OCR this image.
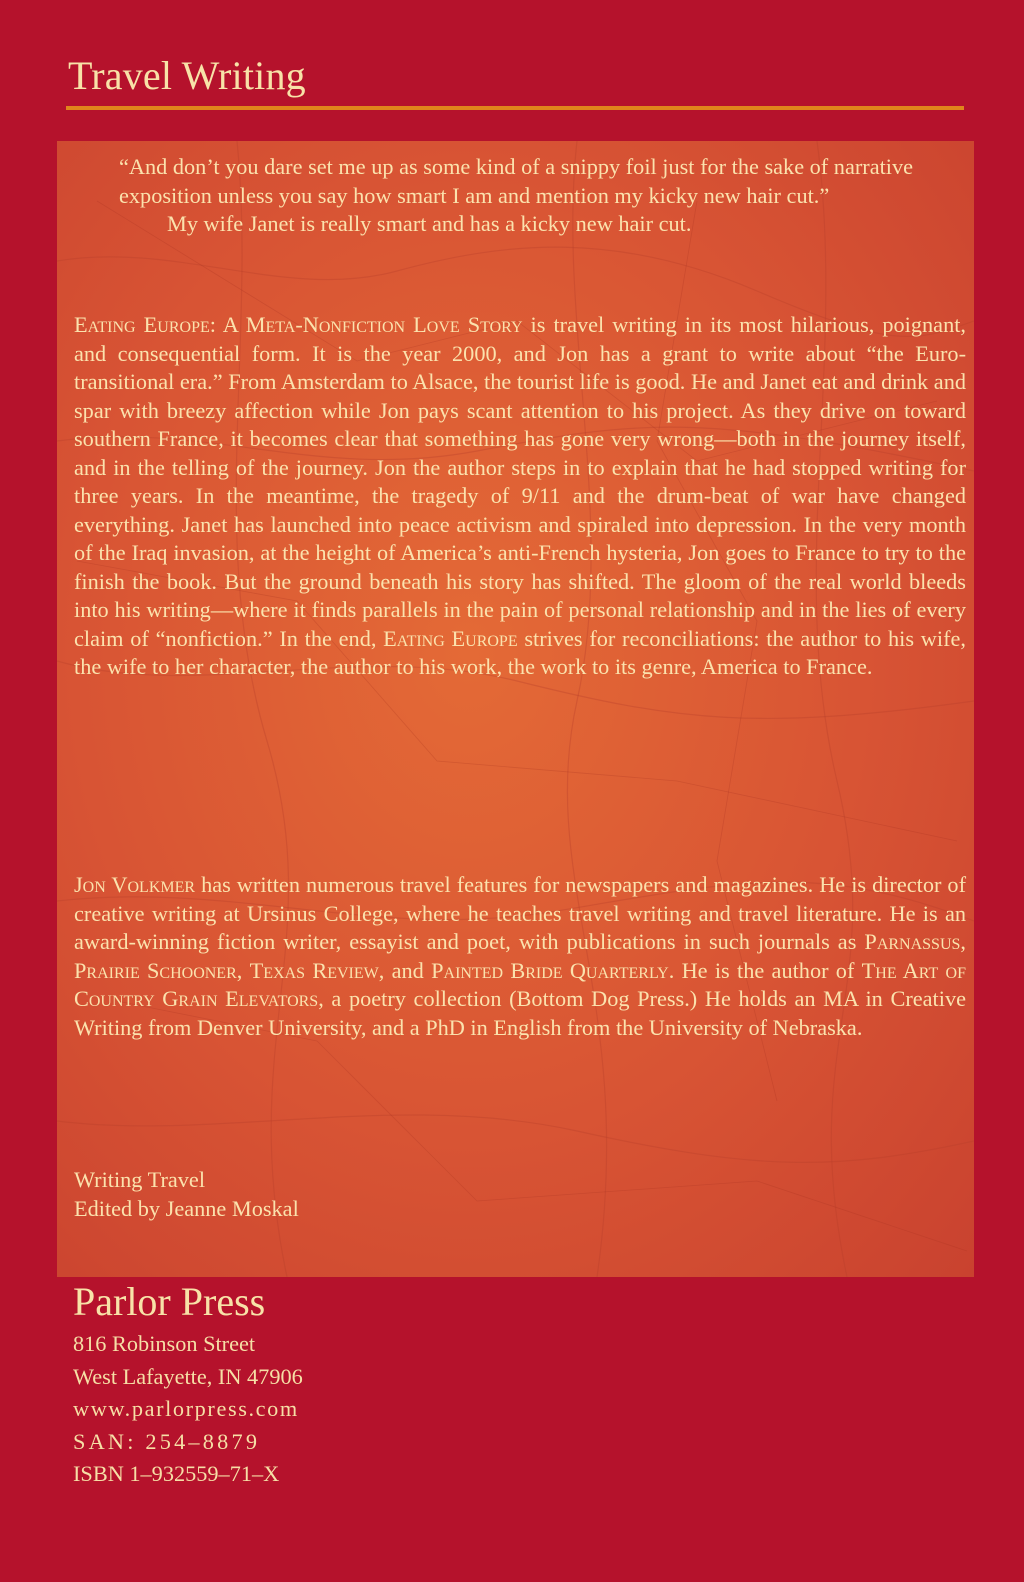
Travel Writing

“And don’t you dare set me up as some kind of a snippy foil just for the sake of narrative exposition unless you say how smart I am and mention my kicky new hair cut.”

My wife Janet is really smart and has a kicky new hair cut.

Eating Europe: A Meta-Nonfiction Love Story is travel writing in its most hilarious, poignant, and consequential form. It is the year 2000, and Jon has a grant to write about “the Euro-transitional era.” From Amsterdam to Alsace, the tourist life is good. He and Janet eat and drink and spar with breezy affection while Jon pays scant attention to his project. As they drive on toward southern France, it becomes clear that something has gone very wrong—both in the journey itself, and in the telling of the journey. Jon the author steps in to explain that he had stopped writing for three years. In the meantime, the tragedy of 9/11 and the drum-beat of war have changed everything. Janet has launched into peace activism and spiraled into depression. In the very month of the Iraq invasion, at the height of America’s anti-French hysteria, Jon goes to France to try to the finish the book. But the ground beneath his story has shifted. The gloom of the real world bleeds into his writing—where it finds parallels in the pain of personal relationship and in the lies of every claim of “nonfiction.” In the end, Eating Europe strives for reconciliations: the author to his wife, the wife to her character, the author to his work, the work to its genre, America to France.
Jon Volkmer has written numerous travel features for newspapers and magazines. He is director of creative writing at Ursinus College, where he teaches travel writing and travel literature. He is an award-winning fiction writer, essayist and poet, with publications in such journals as Parnassus, Prairie Schooner, Texas Review, and Painted Bride Quarterly. He is the author of The Art of Country Grain Elevators, a poetry collection (Bottom Dog Press.) He holds an MA in Creative Writing from Denver University, and a PhD in English from the University of Nebraska.
Writing Travel
Edited by Jeanne Moskal
Parlor Press
816 Robinson Street
West Lafayette, IN 47906
www.parlorpress.com
SAN: 254–8879
ISBN 1–932559–71–X
